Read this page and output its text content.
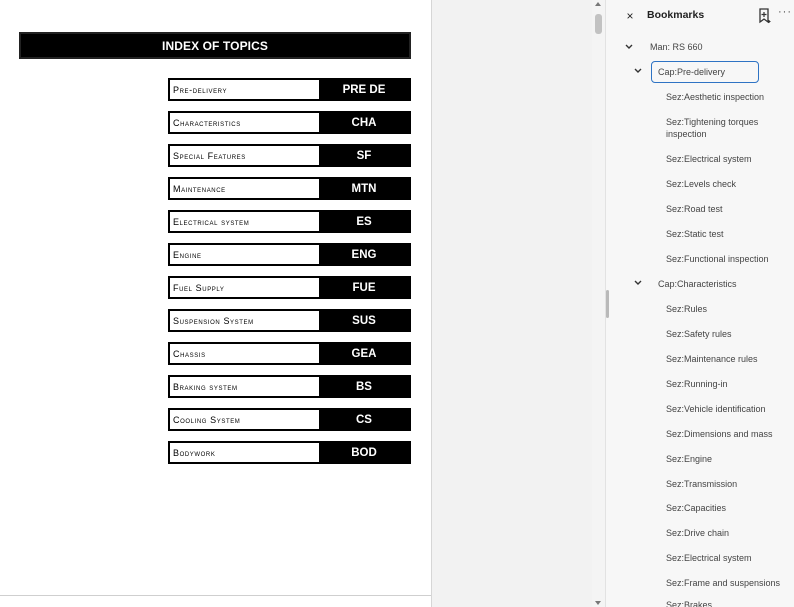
INDEX OF TOPICS
Pre-delivery	PRE DE
Characteristics	CHA
Special Features	SF
Maintenance	MTN
Electrical system	ES
Engine	ENG
Fuel Supply	FUE
Suspension System	SUS
Chassis	GEA
Braking system	BS
Cooling System	CS
Bodywork	BOD
×	Bookmarks	···
Man: RS 660
Cap:Pre-delivery
Sez:Aesthetic inspection
Sez:Tightening torques inspection
Sez:Electrical system
Sez:Levels check
Sez:Road test
Sez:Static test
Sez:Functional inspection
Cap:Characteristics
Sez:Rules
Sez:Safety rules
Sez:Maintenance rules
Sez:Running-in
Sez:Vehicle identification
Sez:Dimensions and mass
Sez:Engine
Sez:Transmission
Sez:Capacities
Sez:Drive chain
Sez:Electrical system
Sez:Frame and suspensions
Sez:Brakes
